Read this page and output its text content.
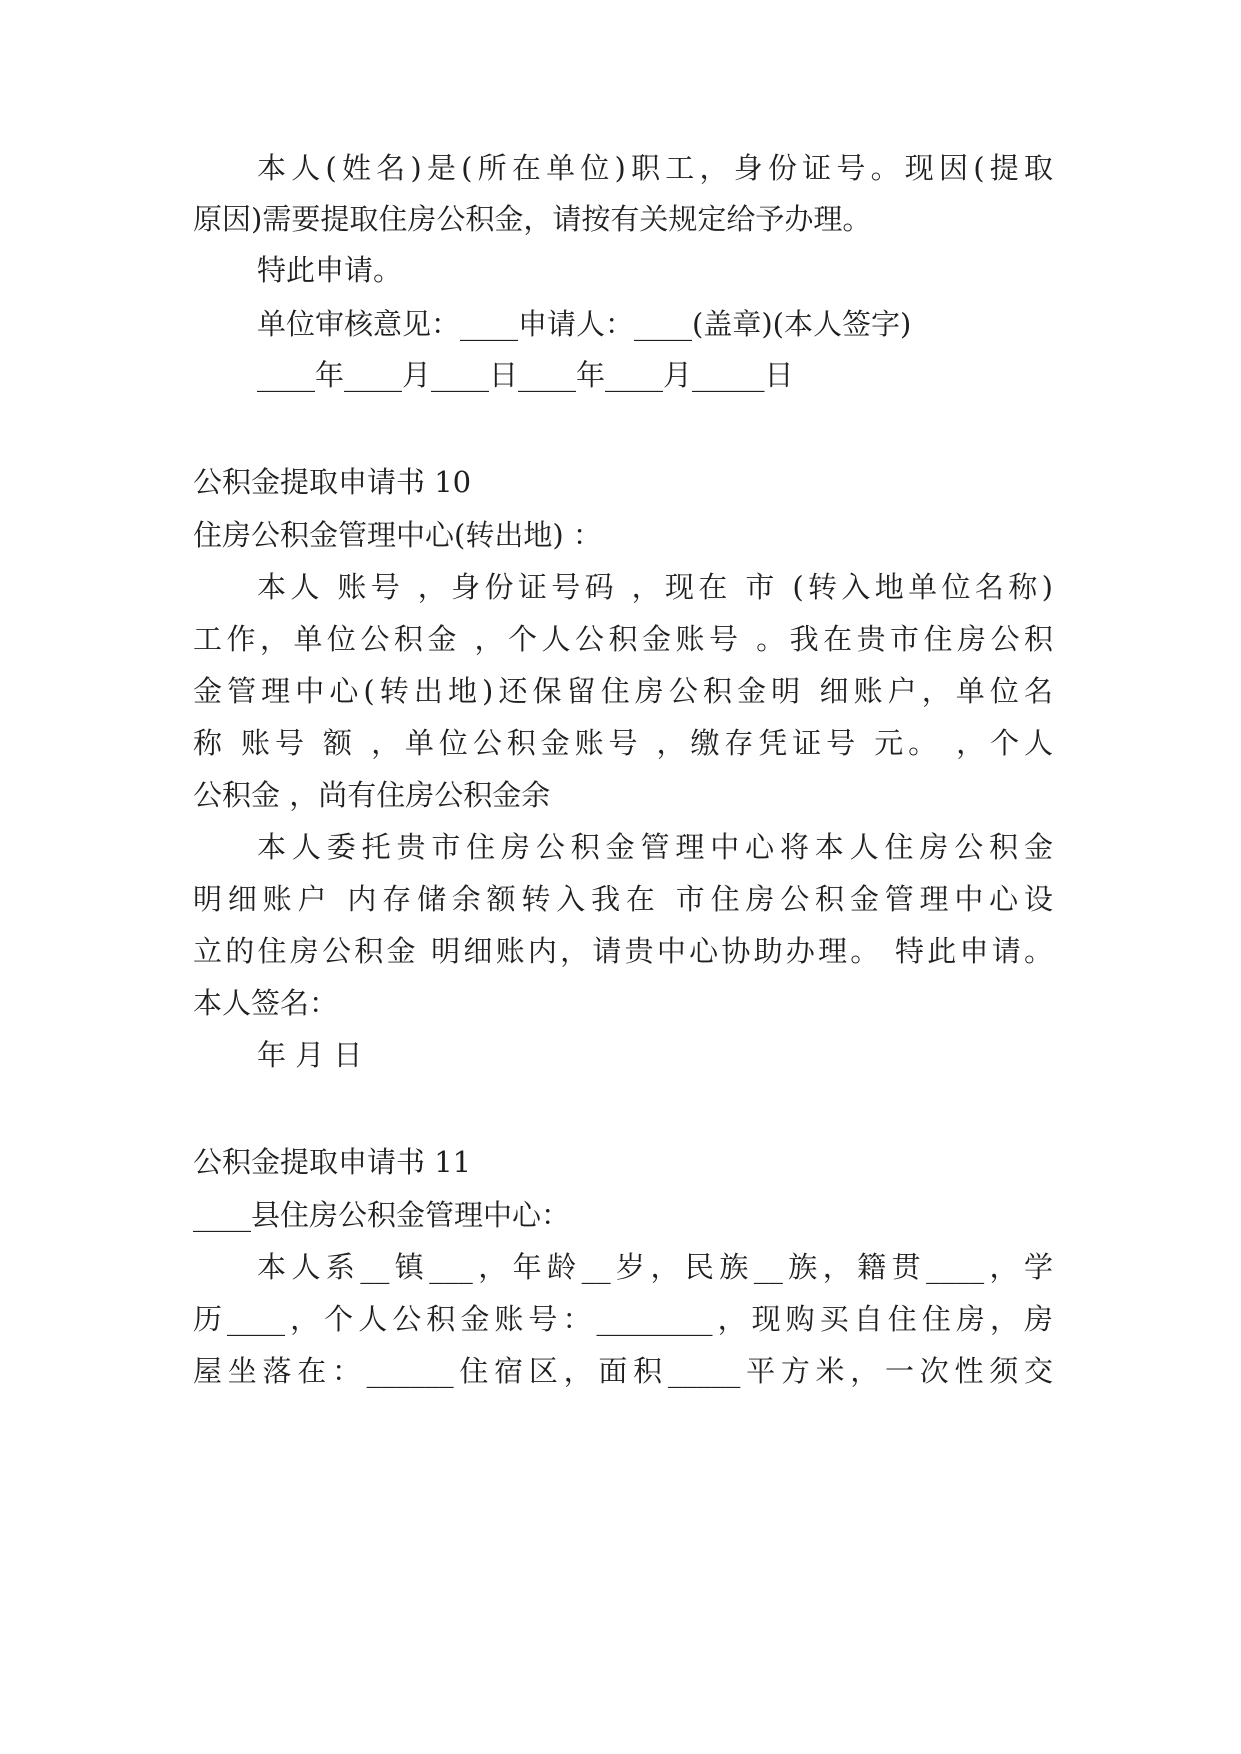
本人(姓名)是(所在单位)职工，身份证号。现因(提取

原因)需要提取住房公积金，请按有关规定给予办理。

特此申请。

单位审核意见：____申请人：____(盖章)(本人签字)

____年____月____日____年____月_____日

公积金提取申请书 10

住房公积金管理中心(转出地) ：

本人 账号 ，身份证号码 ，现在 市 (转入地单位名称)

工作，单位公积金 ，个人公积金账号 。我在贵市住房公积

金管理中心(转出地)还保留住房公积金明 细账户，单位名

称 账号 额 ，单位公积金账号 ，缴存凭证号 元。 ，个人

公积金 ，尚有住房公积金余

本人委托贵市住房公积金管理中心将本人住房公积金

明细账户 内存储余额转入我在 市住房公积金管理中心设

立的住房公积金 明细账内，请贵中心协助办理。 特此申请。

本人签名：

年 月 日

公积金提取申请书 11

____县住房公积金管理中心：

本人系__镇___，年龄__岁，民族__族，籍贯____，学

历____，个人公积金账号：________，现购买自住住房，房

屋坐落在：______住宿区，面积_____平方米，一次性须交
